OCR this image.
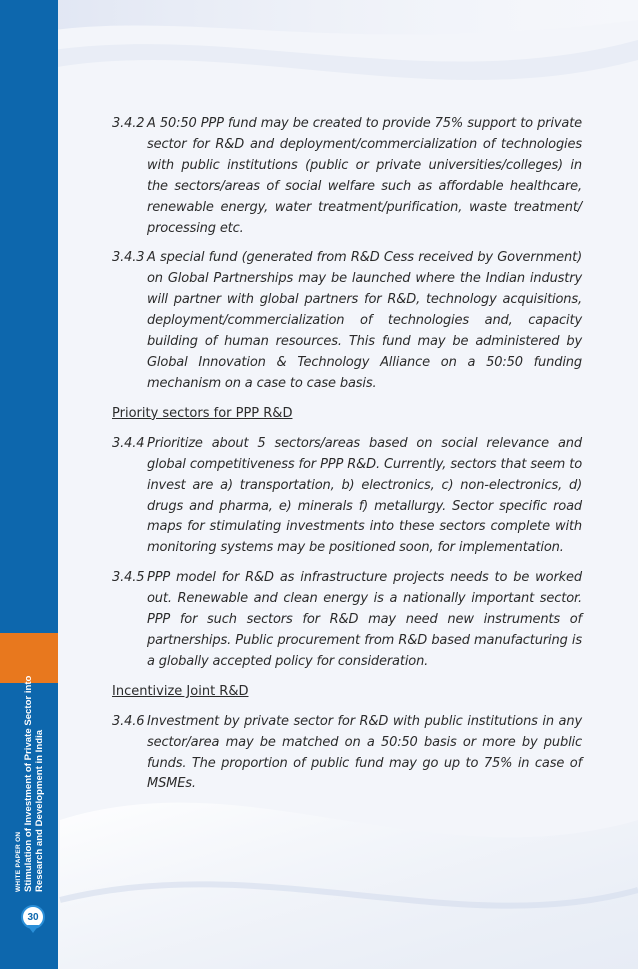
WHITE PAPER ON Stimulation of Investment of Private Sector into Research and Development in India
30
3.4.2 A 50:50 PPP fund may be created to provide 75% support to private sector for R&D and deployment/commercialization of technologies with public institutions (public or private universities/colleges) in the sectors/areas of social welfare such as affordable healthcare, renewable energy, water treatment/purification, waste treatment/ processing etc.
3.4.3 A special fund (generated from R&D Cess received by Government) on Global Partnerships may be launched where the Indian industry will partner with global partners for R&D, technology acquisitions, deployment/commercialization of technologies and, capacity building of human resources. This fund may be administered by Global Innovation & Technology Alliance on a 50:50 funding mechanism on a case to case basis.
Priority sectors for PPP R&D
3.4.4 Prioritize about 5 sectors/areas based on social relevance and global competitiveness for PPP R&D. Currently, sectors that seem to invest are a) transportation, b) electronics, c) non-electronics, d) drugs and pharma, e) minerals f) metallurgy. Sector specific road maps for stimulating investments into these sectors complete with monitoring systems may be positioned soon, for implementation.
3.4.5 PPP model for R&D as infrastructure projects needs to be worked out. Renewable and clean energy is a nationally important sector. PPP for such sectors for R&D may need new instruments of partnerships. Public procurement from R&D based manufacturing is a globally accepted policy for consideration.
Incentivize Joint R&D
3.4.6 Investment by private sector for R&D with public institutions in any sector/area may be matched on a 50:50 basis or more by public funds. The proportion of public fund may go up to 75% in case of MSMEs.
